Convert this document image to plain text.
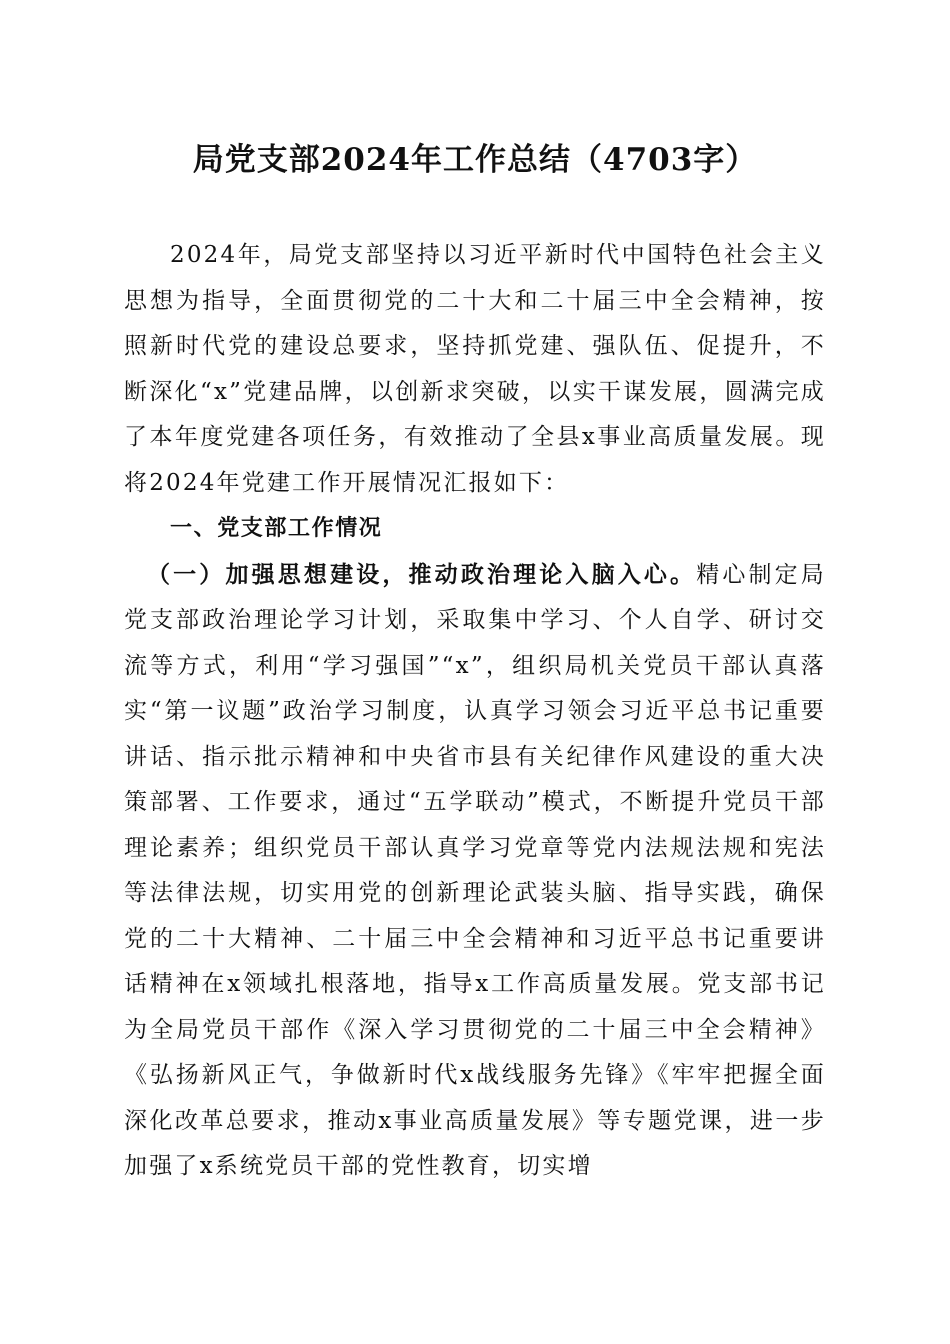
局党支部2024年工作总结（4703字）

2024年，局党支部坚持以习近平新时代中国特色社会主义思想为指导，全面贯彻党的二十大和二十届三中全会精神，按照新时代党的建设总要求，坚持抓党建、强队伍、促提升，不断深化“x”党建品牌，以创新求突破，以实干谋发展，圆满完成了本年度党建各项任务，有效推动了全县x事业高质量发展。现将2024年党建工作开展情况汇报如下：

一、党支部工作情况

（一）加强思想建设，推动政治理论入脑入心。精心制定局党支部政治理论学习计划，采取集中学习、个人自学、研讨交流等方式，利用“学习强国”“x”，组织局机关党员干部认真落实“第一议题”政治学习制度，认真学习领会习近平总书记重要讲话、指示批示精神和中央省市县有关纪律作风建设的重大决策部署、工作要求，通过“五学联动”模式，不断提升党员干部理论素养；组织党员干部认真学习党章等党内法规法规和宪法等法律法规，切实用党的创新理论武装头脑、指导实践，确保党的二十大精神、二十届三中全会精神和习近平总书记重要讲话精神在x领域扎根落地，指导x工作高质量发展。党支部书记为全局党员干部作《深入学习贯彻党的二十届三中全会精神》《弘扬新风正气，争做新时代x战线服务先锋》《牢牢把握全面深化改革总要求，推动x事业高质量发展》等专题党课，进一步加强了x系统党员干部的党性教育，切实增
